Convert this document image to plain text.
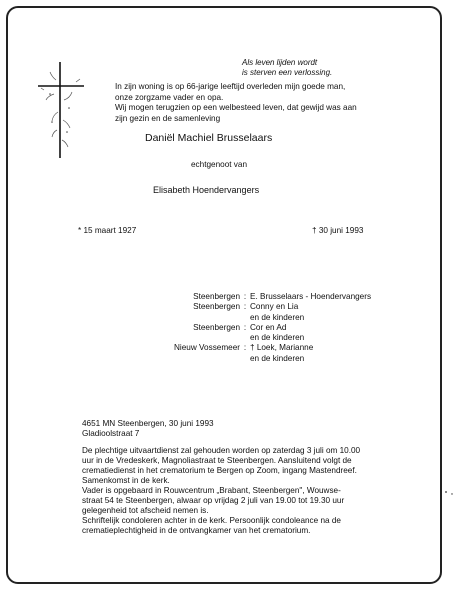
Als leven lijden wordt
is sterven een verlossing.
In zijn woning is op 66-jarige leeftijd overleden mijn goede man,
onze zorgzame vader en opa.
Wij mogen terugzien op een welbesteed leven, dat gewijd was aan
zijn gezin en de samenleving
Daniël Machiel Brusselaars
echtgenoot van
Elisabeth Hoendervangers
* 15 maart 1927	† 30 juni 1993
Steenbergen : E. Brusselaars - Hoendervangers
Steenbergen : Conny en Lia
en de kinderen
Steenbergen : Cor en Ad
en de kinderen
Nieuw Vossemeer : † Loek, Marianne
en de kinderen
4651 MN Steenbergen, 30 juni 1993
Gladioolstraat 7
De plechtige uitvaartdienst zal gehouden worden op zaterdag 3 juli om 10.00
uur in de Vredeskerk, Magnoliastraat te Steenbergen. Aansluitend volgt de
crematiedienst in het crematorium te Bergen op Zoom, ingang Mastendreef.
Samenkomst in de kerk.
Vader is opgebaard in Rouwcentrum „Brabant, Steenbergen", Wouwse-
straat 54 te Steenbergen, alwaar op vrijdag 2 juli van 19.00 tot 19.30 uur
gelegenheid tot afscheid nemen is.
Schriftelijk condoleren achter in de kerk. Persoonlijk condoleance na de
crematieplechtigheid in de ontvangkamer van het crematorium.
